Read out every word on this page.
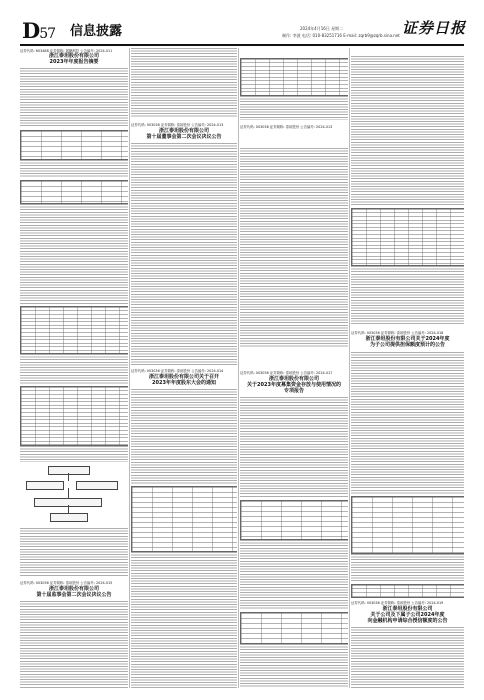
D57 信息披露	2024年4月16日 星期二
制作: 李波 电话: 010-83251716 E-mail: zqrb9@zqrb.sina.net 证券日报
证券代码: 603488 证券简称: 展鹏科技 公告编号: 2024-011
浙江泰坦股份有限公司
2023年年度报告摘要
证券代码: 003036 证券简称: 泰坦股份 公告编号: 2024-015
浙江泰坦股份有限公司
第十届监事会第二次会议决议公告
证券代码: 003036 证券简称: 泰坦股份 公告编号: 2024-013
浙江泰坦股份有限公司
第十届董事会第二次会议决议公告
证券代码: 003036 证券简称: 泰坦股份 公告编号: 2024-014
浙江泰坦股份有限公司关于召开
2023年年度股东大会的通知
证券代码: 003036 证券简称: 泰坦股份 公告编号: 2024-013
证券代码: 003036 证券简称: 泰坦股份 公告编号: 2024-017
浙江泰坦股份有限公司
关于2023年度募集资金存放与使用情况的
专项报告
证券代码: 003036 证券简称: 泰坦股份 公告编号: 2024-018
浙江泰坦股份有限公司关于2024年度
为子公司提供担保额度预计的公告
证券代码: 003036 证券简称: 泰坦股份 公告编号: 2024-019
浙江泰坦股份有限公司
关于公司及下属子公司2024年度
向金融机构申请综合授信额度的公告
